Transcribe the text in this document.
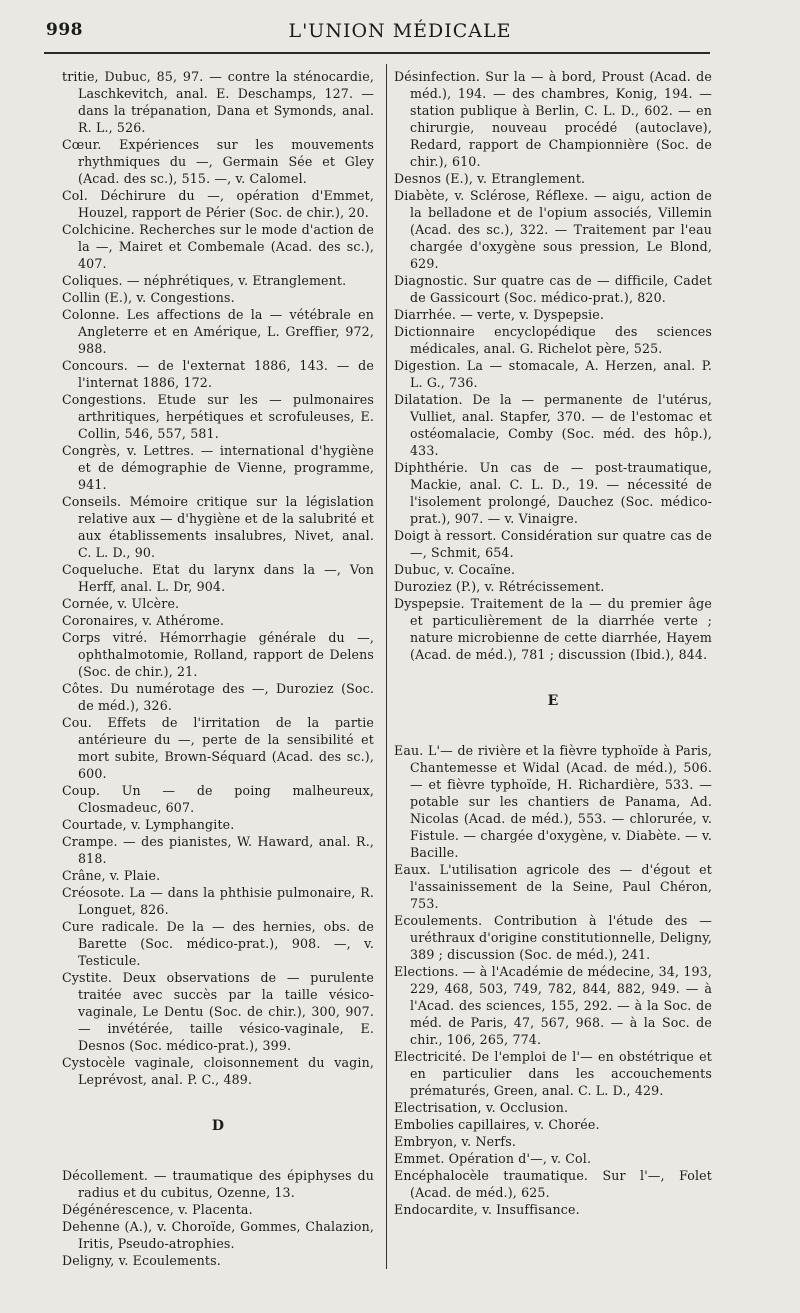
998	L'UNION MÉDICALE

tritie, Dubuc, 85, 97. — contre la sténocardie, Laschkevitch, anal. E. Deschamps, 127. — dans la trépanation, Dana et Symonds, anal. R. L., 526.

Cœur. Expériences sur les mouvements rhythmiques du —, Germain Sée et Gley (Acad. des sc.), 515. —, v. Calomel.

Col. Déchirure du —, opération d'Emmet, Houzel, rapport de Périer (Soc. de chir.), 20.

Colchicine. Recherches sur le mode d'action de la —, Mairet et Combemale (Acad. des sc.), 407.

Coliques. — néphrétiques, v. Etranglement.

Collin (E.), v. Congestions.

Colonne. Les affections de la — vétébrale en Angleterre et en Amérique, L. Greffier, 972, 988.

Concours. — de l'externat 1886, 143. — de l'internat 1886, 172.

Congestions. Etude sur les — pulmonaires arthritiques, herpétiques et scrofuleuses, E. Collin, 546, 557, 581.

Congrès, v. Lettres. — international d'hygiène et de démographie de Vienne, programme, 941.

Conseils. Mémoire critique sur la législation relative aux — d'hygiène et de la salubrité et aux établissements insalubres, Nivet, anal. C. L. D., 90.

Coqueluche. Etat du larynx dans la —, Von Herff, anal. L. Dr, 904.

Cornée, v. Ulcère.

Coronaires, v. Athérome.

Corps vitré. Hémorrhagie générale du —, ophthalmotomie, Rolland, rapport de Delens (Soc. de chir.), 21.

Côtes. Du numérotage des —, Duroziez (Soc. de méd.), 326.

Cou. Effets de l'irritation de la partie antérieure du —, perte de la sensibilité et mort subite, Brown-Séquard (Acad. des sc.), 600.

Coup. Un — de poing malheureux, Closmadeuc, 607.

Courtade, v. Lymphangite.

Crampe. — des pianistes, W. Haward, anal. R., 818.

Crâne, v. Plaie.

Créosote. La — dans la phthisie pulmonaire, R. Longuet, 826.

Cure radicale. De la — des hernies, obs. de Barette (Soc. médico-prat.), 908. —, v. Testicule.

Cystite. Deux observations de — purulente traitée avec succès par la taille vésico-vaginale, Le Dentu (Soc. de chir.), 300, 907. — invétérée, taille vésico-vaginale, E. Desnos (Soc. médico-prat.), 399.

Cystocèle vaginale, cloisonnement du vagin, Leprévost, anal. P. C., 489.

D

Décollement. — traumatique des épiphyses du radius et du cubitus, Ozenne, 13.

Dégénérescence, v. Placenta.

Dehenne (A.), v. Choroïde, Gommes, Chalazion, Iritis, Pseudo-atrophies.

Deligny, v. Ecoulements.

Désinfection. Sur la — à bord, Proust (Acad. de méd.), 194. — des chambres, Konig, 194. — station publique à Berlin, C. L. D., 602. — en chirurgie, nouveau procédé (autoclave), Redard, rapport de Championnière (Soc. de chir.), 610.

Desnos (E.), v. Etranglement.

Diabète, v. Sclérose, Réflexe. — aigu, action de la belladone et de l'opium associés, Villemin (Acad. des sc.), 322. — Traitement par l'eau chargée d'oxygène sous pression, Le Blond, 629.

Diagnostic. Sur quatre cas de — difficile, Cadet de Gassicourt (Soc. médico-prat.), 820.

Diarrhée. — verte, v. Dyspepsie.

Dictionnaire encyclopédique des sciences médicales, anal. G. Richelot père, 525.

Digestion. La — stomacale, A. Herzen, anal. P. L. G., 736.

Dilatation. De la — permanente de l'utérus, Vulliet, anal. Stapfer, 370. — de l'estomac et ostéomalacie, Comby (Soc. méd. des hôp.), 433.

Diphthérie. Un cas de — post-traumatique, Mackie, anal. C. L. D., 19. — nécessité de l'isolement prolongé, Dauchez (Soc. médico-prat.), 907. — v. Vinaigre.

Doigt à ressort. Considération sur quatre cas de —, Schmit, 654.

Dubuc, v. Cocaïne.

Duroziez (P.), v. Rétrécissement.

Dyspepsie. Traitement de la — du premier âge et particulièrement de la diarrhée verte ; nature microbienne de cette diarrhée, Hayem (Acad. de méd.), 781 ; discussion (Ibid.), 844.

E

Eau. L'— de rivière et la fièvre typhoïde à Paris, Chantemesse et Widal (Acad. de méd.), 506. — et fièvre typhoïde, H. Richardière, 533. — potable sur les chantiers de Panama, Ad. Nicolas (Acad. de méd.), 553. — chlorurée, v. Fistule. — chargée d'oxygène, v. Diabète. — v. Bacille.

Eaux. L'utilisation agricole des — d'égout et l'assainissement de la Seine, Paul Chéron, 753.

Ecoulements. Contribution à l'étude des — uréthraux d'origine constitutionnelle, Deligny, 389 ; discussion (Soc. de méd.), 241.

Elections. — à l'Académie de médecine, 34, 193, 229, 468, 503, 749, 782, 844, 882, 949. — à l'Acad. des sciences, 155, 292. — à la Soc. de méd. de Paris, 47, 567, 968. — à la Soc. de chir., 106, 265, 774.

Electricité. De l'emploi de l'— en obstétrique et en particulier dans les accouchements prématurés, Green, anal. C. L. D., 429.

Electrisation, v. Occlusion.

Embolies capillaires, v. Chorée.

Embryon, v. Nerfs.

Emmet. Opération d'—, v. Col.

Encéphalocèle traumatique. Sur l'—, Folet (Acad. de méd.), 625.

Endocardite, v. Insuffisance.
